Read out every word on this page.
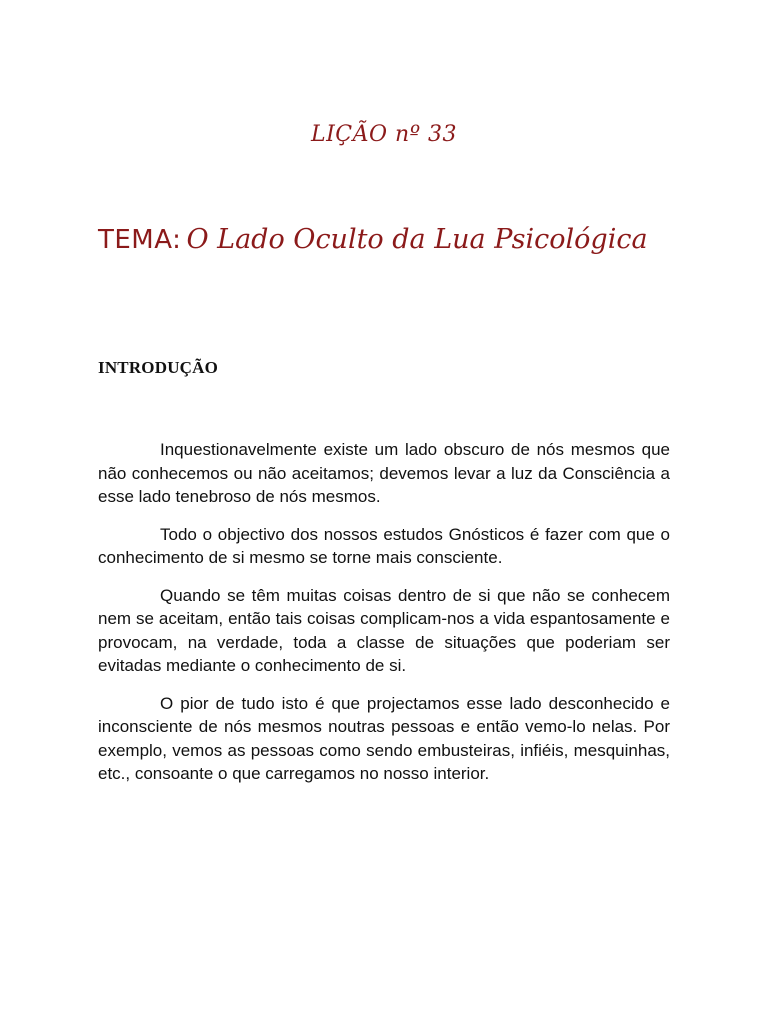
LIÇÃO nº 33
TEMA: O Lado Oculto da Lua Psicológica
INTRODUÇÃO

Inquestionavelmente existe um lado obscuro de nós mesmos que não conhecemos ou não aceitamos; devemos levar a luz da Consciência a esse lado tenebroso de nós mesmos.

Todo o objectivo dos nossos estudos Gnósticos é fazer com que o conhecimento de si mesmo se torne mais consciente.

Quando se têm muitas coisas dentro de si que não se conhecem nem se aceitam, então tais coisas complicam-nos a vida espantosamente e provocam, na verdade, toda a classe de situações que poderiam ser evitadas mediante o conhecimento de si.

O pior de tudo isto é que projectamos esse lado desconhecido e inconsciente de nós mesmos noutras pessoas e então vemo-lo nelas. Por exemplo, vemos as pessoas como sendo embusteiras, infiéis, mesquinhas, etc., consoante o que carregamos no nosso interior.
